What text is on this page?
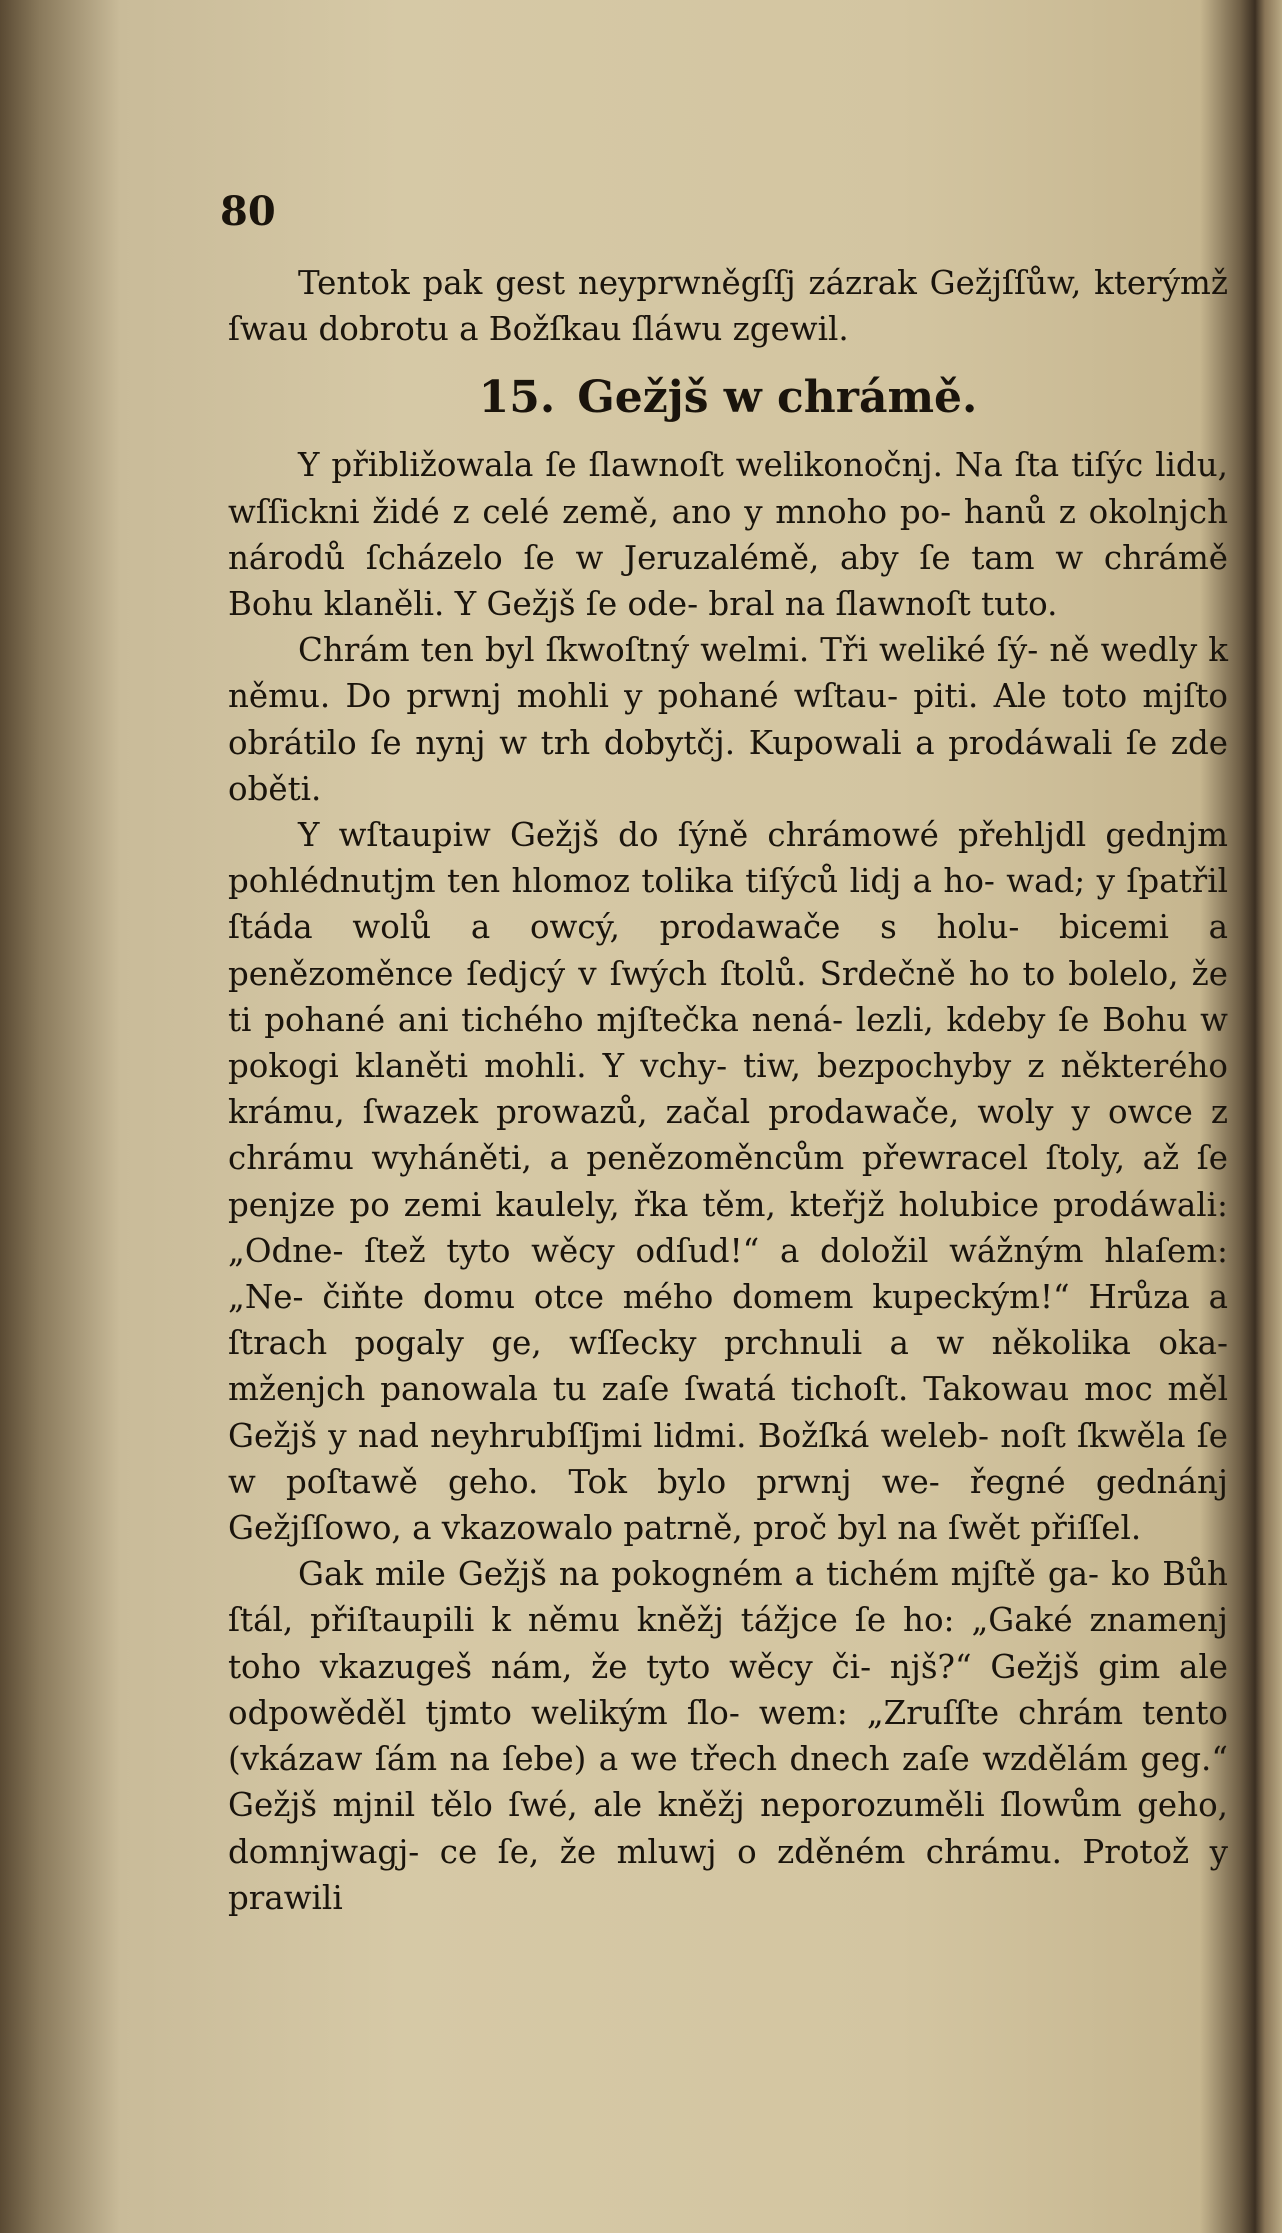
80

Tentok pak gest neyprwněgſſj zázrak Gežjſſůw, kterýmž ſwau dobrotu a Božſkau ſláwu zgewil.

15. Gežjš w chrámě.

Y přibližowala ſe ſlawnoſt welikonočnj. Na ſta tiſýc lidu, wſſickni židé z celé země, ano y mnoho po- hanů z okolnjch národů ſcházelo ſe w Jeruzalémě, aby ſe tam w chrámě Bohu klaněli. Y Gežjš ſe ode- bral na ſlawnoſt tuto.

Chrám ten byl ſkwoſtný welmi. Tři weliké ſý- ně wedly k němu. Do prwnj mohli y pohané wſtau- piti. Ale toto mjſto obrátilo ſe nynj w trh dobytčj. Kupowali a prodáwali ſe zde oběti.

Y wſtaupiw Gežjš do ſýně chrámowé přehljdl gednjm pohlédnutjm ten hlomoz tolika tiſýců lidj a ho- wad; y ſpatřil ſtáda wolů a owcý, prodawače s holu- bicemi a penězoměnce ſedjcý v ſwých ſtolů. Srdečně ho to bolelo, že ti pohané ani tichého mjſtečka nená- lezli, kdeby ſe Bohu w pokogi klaněti mohli. Y vchy- tiw, bezpochyby z některého krámu, ſwazek prowazů, začal prodawače, woly y owce z chrámu wyháněti, a penězoměncům přewracel ſtoly, až ſe penjze po zemi kaulely, řka těm, kteřjž holubice prodáwali: „Odne- ſtež tyto wěcy odſud!“ a doložil wážným hlaſem: „Ne- čiňte domu otce mého domem kupeckým!“ Hrůza a ſtrach pogaly ge, wſſecky prchnuli a w několika oka- mženjch panowala tu zaſe ſwatá tichoſt. Takowau moc měl Gežjš y nad neyhrubſſjmi lidmi. Božſká weleb- noſt ſkwěla ſe w poſtawě geho. Tok bylo prwnj we- řegné gednánj Gežjſſowo, a vkazowalo patrně, proč byl na ſwět přiſſel.

Gak mile Gežjš na pokogném a tichém mjſtě ga- ko Bůh ſtál, přiſtaupili k němu kněžj tážjce ſe ho: „Gaké znamenj toho vkazugeš nám, že tyto wěcy či- njš?“ Gežjš gim ale odpowěděl tjmto welikým ſlo- wem: „Zruſſte chrám tento (vkázaw ſám na ſebe) a we třech dnech zaſe wzdělám geg.“ Gežjš mjnil tělo ſwé, ale kněžj neporozuměli ſlowům geho, domnjwagj- ce ſe, že mluwj o zděném chrámu. Protož y prawili
